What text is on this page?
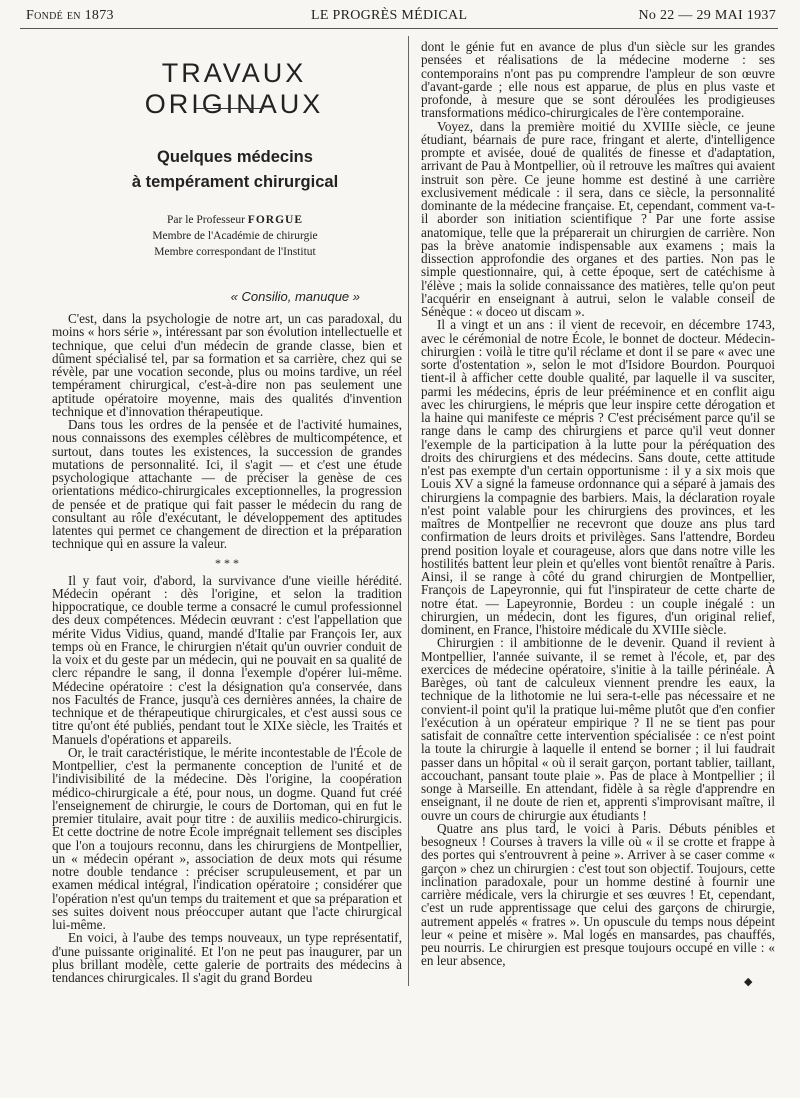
Fondé en 1873	LE PROGRÈS MÉDICAL	No 22 — 29 MAI 1937
TRAVAUX ORIGINAUX
Quelques médecins
à tempérament chirurgical
Par le Professeur FORGUE
Membre de l'Académie de chirurgie
Membre correspondant de l'Institut
« Consilio, manuque »

C'est, dans la psychologie de notre art, un cas paradoxal, du moins « hors série », intéressant par son évolution intellectuelle et technique, que celui d'un médecin de grande classe, bien et dûment spécialisé tel, par sa formation et sa carrière, chez qui se révèle, par une vocation seconde, plus ou moins tardive, un réel tempérament chirurgical, c'est-à-dire non pas seulement une aptitude opératoire moyenne, mais des qualités d'invention technique et d'innovation thérapeutique.

Dans tous les ordres de la pensée et de l'activité humaines, nous connaissons des exemples célèbres de multicompétence, et surtout, dans toutes les existences, la succession de grandes mutations de personnalité. Ici, il s'agit — et c'est une étude psychologique attachante — de préciser la genèse de ces orientations médico-chirurgicales exceptionnelles, la progression de pensée et de pratique qui fait passer le médecin du rang de consultant au rôle d'exécutant, le développement des aptitudes latentes qui permet ce changement de direction et la préparation technique qui en assure la valeur.

* * *

Il y faut voir, d'abord, la survivance d'une vieille hérédité. Médecin opérant : dès l'origine, et selon la tradition hippocratique, ce double terme a consacré le cumul professionnel des deux compétences. Médecin œuvrant : c'est l'appellation que mérite Vidus Vidius, quand, mandé d'Italie par François Ier, aux temps où en France, le chirurgien n'était qu'un ouvrier conduit de la voix et du geste par un médecin, qui ne pouvait en sa qualité de clerc répandre le sang, il donna l'exemple d'opérer lui-même. Médecine opératoire : c'est la désignation qu'a conservée, dans nos Facultés de France, jusqu'à ces dernières années, la chaire de technique et de thérapeutique chirurgicales, et c'est aussi sous ce titre qu'ont été publiés, pendant tout le XIXe siècle, les Traités et Manuels d'opérations et appareils.

Or, le trait caractéristique, le mérite incontestable de l'École de Montpellier, c'est la permanente conception de l'unité et de l'indivisibilité de la médecine. Dès l'origine, la coopération médico-chirurgicale a été, pour nous, un dogme. Quand fut créé l'enseignement de chirurgie, le cours de Dortoman, qui en fut le premier titulaire, avait pour titre : de auxiliis medico-chirurgicis. Et cette doctrine de notre École imprégnait tellement ses disciples que l'on a toujours reconnu, dans les chirurgiens de Montpellier, un « médecin opérant », association de deux mots qui résume notre double tendance : préciser scrupuleusement, et par un examen médical intégral, l'indication opératoire ; considérer que l'opération n'est qu'un temps du traitement et que sa préparation et ses suites doivent nous préoccuper autant que l'acte chirurgical lui-même.

En voici, à l'aube des temps nouveaux, un type représentatif, d'une puissante originalité. Et l'on ne peut pas inaugurer, par un plus brillant modèle, cette galerie de portraits des médecins à tendances chirurgicales. Il s'agit du grand Bordeu

dont le génie fut en avance de plus d'un siècle sur les grandes pensées et réalisations de la médecine moderne : ses contemporains n'ont pas pu comprendre l'ampleur de son œuvre d'avant-garde ; elle nous est apparue, de plus en plus vaste et profonde, à mesure que se sont déroulées les prodigieuses transformations médico-chirurgicales de l'ère contemporaine.

Voyez, dans la première moitié du XVIIIe siècle, ce jeune étudiant, béarnais de pure race, fringant et alerte, d'intelligence prompte et avisée, doué de qualités de finesse et d'adaptation, arrivant de Pau à Montpellier, où il retrouve les maîtres qui avaient instruit son père. Ce jeune homme est destiné à une carrière exclusivement médicale : il sera, dans ce siècle, la personnalité dominante de la médecine française. Et, cependant, comment va-t-il aborder son initiation scientifique ? Par une forte assise anatomique, telle que la préparerait un chirurgien de carrière. Non pas la brève anatomie indispensable aux examens ; mais la dissection approfondie des organes et des parties. Non pas le simple questionnaire, qui, à cette époque, sert de catéchisme à l'élève ; mais la solide connaissance des matières, telle qu'on peut l'acquérir en enseignant à autrui, selon le valable conseil de Sénèque : « doceo ut discam ».

Il a vingt et un ans : il vient de recevoir, en décembre 1743, avec le cérémonial de notre École, le bonnet de docteur. Médecin-chirurgien : voilà le titre qu'il réclame et dont il se pare « avec une sorte d'ostentation », selon le mot d'Isidore Bourdon. Pourquoi tient-il à afficher cette double qualité, par laquelle il va susciter, parmi les médecins, épris de leur prééminence et en conflit aigu avec les chirurgiens, le mépris que leur inspire cette dérogation et la haine qui manifeste ce mépris ? C'est précisément parce qu'il se range dans le camp des chirurgiens et parce qu'il veut donner l'exemple de la participation à la lutte pour la péréquation des droits des chirurgiens et des médecins. Sans doute, cette attitude n'est pas exempte d'un certain opportunisme : il y a six mois que Louis XV a signé la fameuse ordonnance qui a séparé à jamais des chirurgiens la compagnie des barbiers. Mais, la déclaration royale n'est point valable pour les chirurgiens des provinces, et les maîtres de Montpellier ne recevront que douze ans plus tard confirmation de leurs droits et privilèges. Sans l'attendre, Bordeu prend position loyale et courageuse, alors que dans notre ville les hostilités battent leur plein et qu'elles vont bientôt renaître à Paris. Ainsi, il se range à côté du grand chirurgien de Montpellier, François de Lapeyronnie, qui fut l'inspirateur de cette charte de notre état. — Lapeyronnie, Bordeu : un couple inégalé : un chirurgien, un médecin, dont les figures, d'un original relief, dominent, en France, l'histoire médicale du XVIIIe siècle.

Chirurgien : il ambitionne de le devenir. Quand il revient à Montpellier, l'année suivante, il se remet à l'école, et, par des exercices de médecine opératoire, s'initie à la taille périnéale. À Barèges, où tant de calculeux viennent prendre les eaux, la technique de la lithotomie ne lui sera-t-elle pas nécessaire et ne convient-il point qu'il la pratique lui-même plutôt que d'en confier l'exécution à un opérateur empirique ? Il ne se tient pas pour satisfait de connaître cette intervention spécialisée : ce n'est point la toute la chirurgie à laquelle il entend se borner ; il lui faudrait passer dans un hôpital « où il serait garçon, portant tablier, taillant, accouchant, pansant toute plaie ». Pas de place à Montpellier ; il songe à Marseille. En attendant, fidèle à sa règle d'apprendre en enseignant, il ne doute de rien et, apprenti s'improvisant maître, il ouvre un cours de chirurgie aux étudiants !

Quatre ans plus tard, le voici à Paris. Débuts pénibles et besogneux ! Courses à travers la ville où « il se crotte et frappe à des portes qui s'entrouvrent à peine ». Arriver à se caser comme « garçon » chez un chirurgien : c'est tout son objectif. Toujours, cette inclination paradoxale, pour un homme destiné à fournir une carrière médicale, vers la chirurgie et ses œuvres ! Et, cependant, c'est un rude apprentissage que celui des garçons de chirurgie, autrement appelés « fratres ». Un opuscule du temps nous dépeint leur « peine et misère ». Mal logés en mansardes, pas chauffés, peu nourris. Le chirurgien est presque toujours occupé en ville : « en leur absence,

◆
